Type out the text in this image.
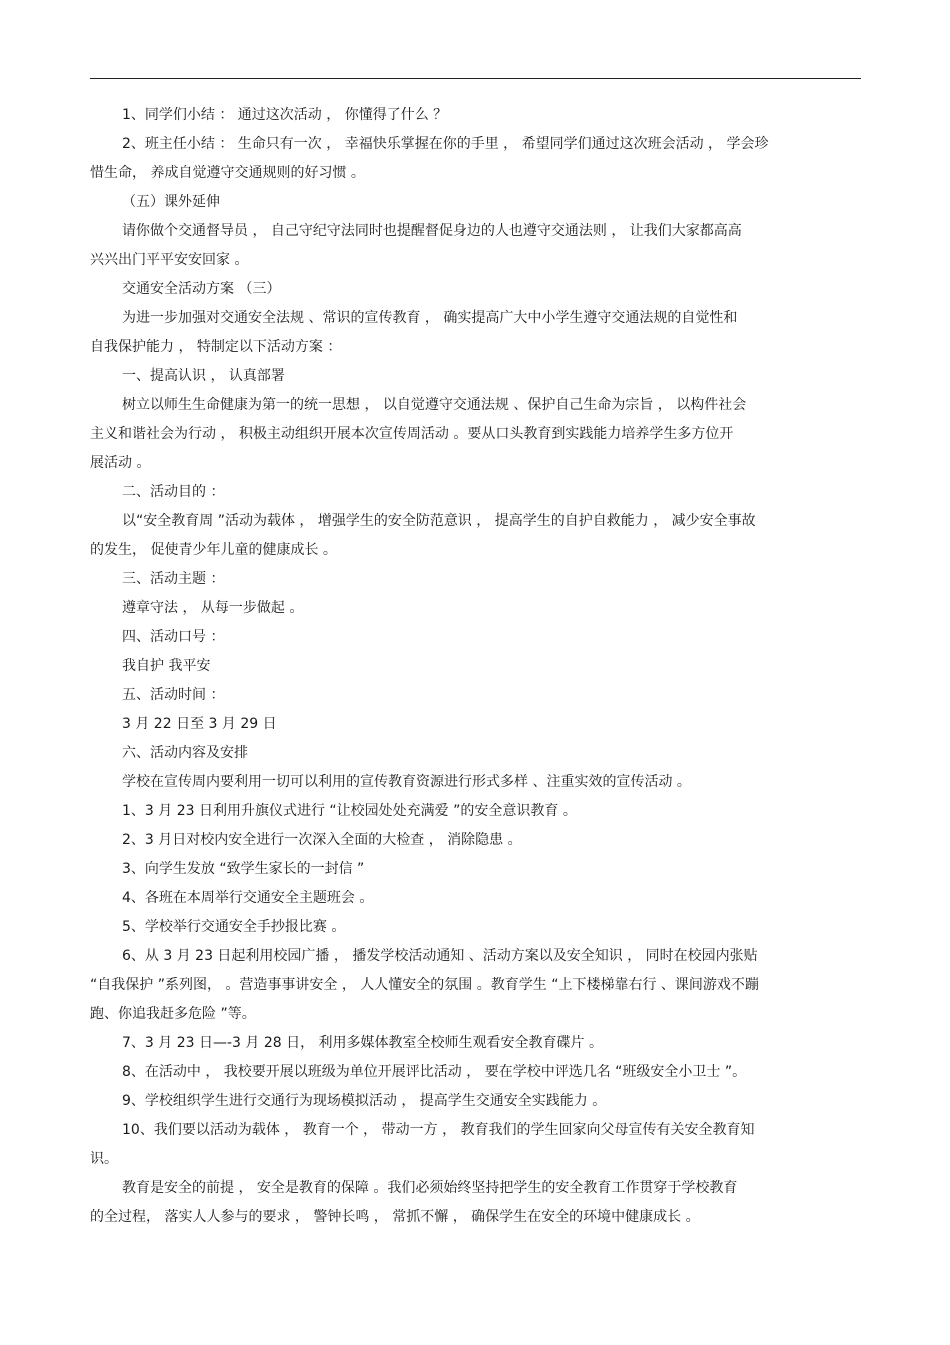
1、同学们小结 ： 通过这次活动 ， 你懂得了什么 ？

2、班主任小结 ： 生命只有一次 ， 幸福快乐掌握在你的手里 ， 希望同学们通过这次班会活动 ， 学会珍

惜生命， 养成自觉遵守交通规则的好习惯 。

（五）课外延伸

请你做个交通督导员 ， 自己守纪守法同时也提醒督促身边的人也遵守交通法则 ， 让我们大家都高高

兴兴出门平平安安回家 。

交通安全活动方案 （三）

为进一步加强对交通安全法规 、常识的宣传教育 ， 确实提高广大中小学生遵守交通法规的自觉性和

自我保护能力 ， 特制定以下活动方案 ：

一、提高认识 ， 认真部署

树立以师生生命健康为第一的统一思想 ， 以自觉遵守交通法规 、保护自己生命为宗旨 ， 以构件社会

主义和谐社会为行动 ， 积极主动组织开展本次宣传周活动 。要从口头教育到实践能力培养学生多方位开

展活动 。

二、活动目的 ：

以“安全教育周 ”活动为载体 ， 增强学生的安全防范意识 ， 提高学生的自护自救能力 ， 减少安全事故

的发生， 促使青少年儿童的健康成长 。

三、活动主题 ：

遵章守法 ， 从每一步做起 。

四、活动口号 ：

我自护 我平安

五、活动时间 ：

3 月 22 日至 3 月 29 日

六、活动内容及安排

学校在宣传周内要利用一切可以利用的宣传教育资源进行形式多样 、注重实效的宣传活动 。

1、3 月 23 日利用升旗仪式进行 “让校园处处充满爱 ”的安全意识教育 。

2、3 月日对校内安全进行一次深入全面的大检查 ， 消除隐患 。

3、向学生发放 “致学生家长的一封信 ”

4、各班在本周举行交通安全主题班会 。

5、学校举行交通安全手抄报比赛 。

6、从 3 月 23 日起利用校园广播 ， 播发学校活动通知 、活动方案以及安全知识 ， 同时在校园内张贴

“自我保护 ”系列图， 。营造事事讲安全 ， 人人懂安全的氛围 。教育学生 “上下楼梯靠右行 、课间游戏不蹦

跑、你追我赶多危险 ”等。

7、3 月 23 日—-3 月 28 日， 利用多媒体教室全校师生观看安全教育碟片 。

8、在活动中 ， 我校要开展以班级为单位开展评比活动 ， 要在学校中评选几名 “班级安全小卫士 ”。

9、学校组织学生进行交通行为现场模拟活动 ， 提高学生交通安全实践能力 。

10、我们要以活动为载体 ， 教育一个 ， 带动一方 ， 教育我们的学生回家向父母宣传有关安全教育知

识。

教育是安全的前提 ， 安全是教育的保障 。我们必须始终坚持把学生的安全教育工作贯穿于学校教育

的全过程， 落实人人参与的要求 ， 警钟长鸣 ， 常抓不懈 ， 确保学生在安全的环境中健康成长 。
